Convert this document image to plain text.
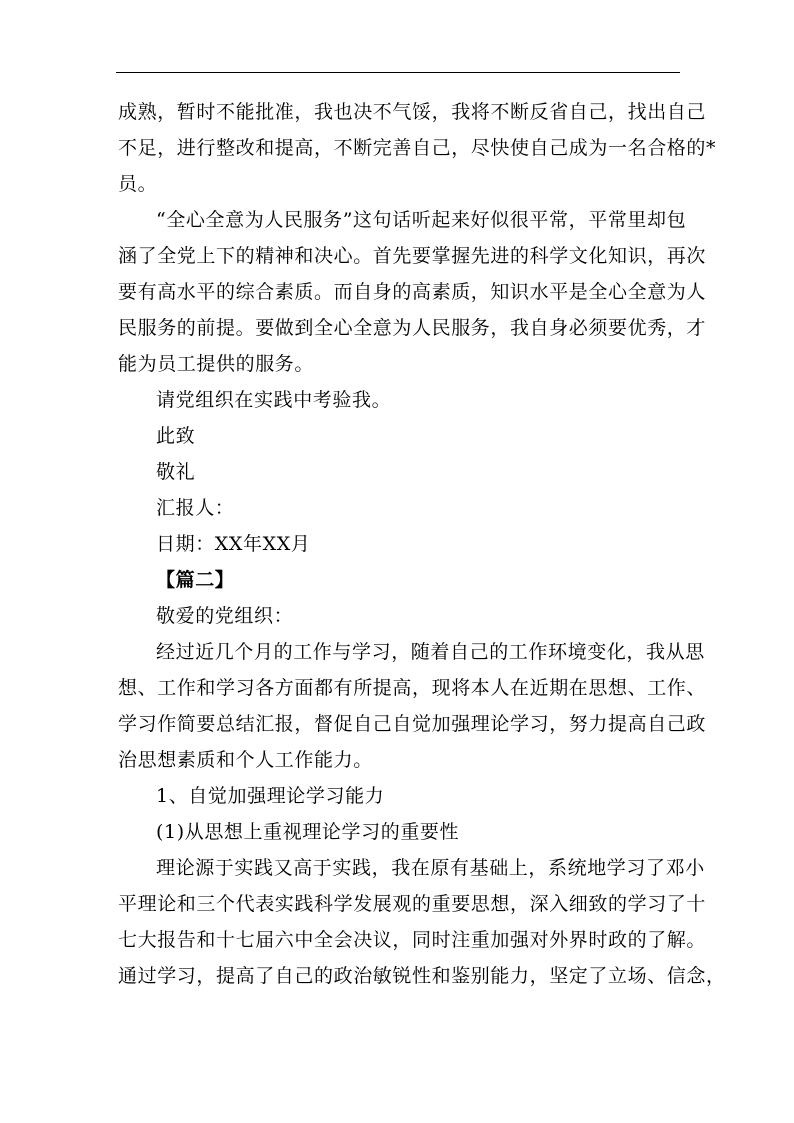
成熟，暂时不能批准，我也决不气馁，我将不断反省自己，找出自己

不足，进行整改和提高，不断完善自己，尽快使自己成为一名合格的*

员。

“全心全意为人民服务”这句话听起来好似很平常，平常里却包

涵了全党上下的精神和决心。首先要掌握先进的科学文化知识，再次

要有高水平的综合素质。而自身的高素质，知识水平是全心全意为人

民服务的前提。要做到全心全意为人民服务，我自身必须要优秀，才

能为员工提供的服务。

请党组织在实践中考验我。

此致

敬礼

汇报人：

日期：XX年XX月

【篇二】

敬爱的党组织：

经过近几个月的工作与学习，随着自己的工作环境变化，我从思

想、工作和学习各方面都有所提高，现将本人在近期在思想、工作、

学习作简要总结汇报，督促自己自觉加强理论学习，努力提高自己政

治思想素质和个人工作能力。

1、自觉加强理论学习能力

(1)从思想上重视理论学习的重要性

理论源于实践又高于实践，我在原有基础上，系统地学习了邓小

平理论和三个代表实践科学发展观的重要思想，深入细致的学习了十

七大报告和十七届六中全会决议，同时注重加强对外界时政的了解。

通过学习，提高了自己的政治敏锐性和鉴别能力，坚定了立场、信念，
